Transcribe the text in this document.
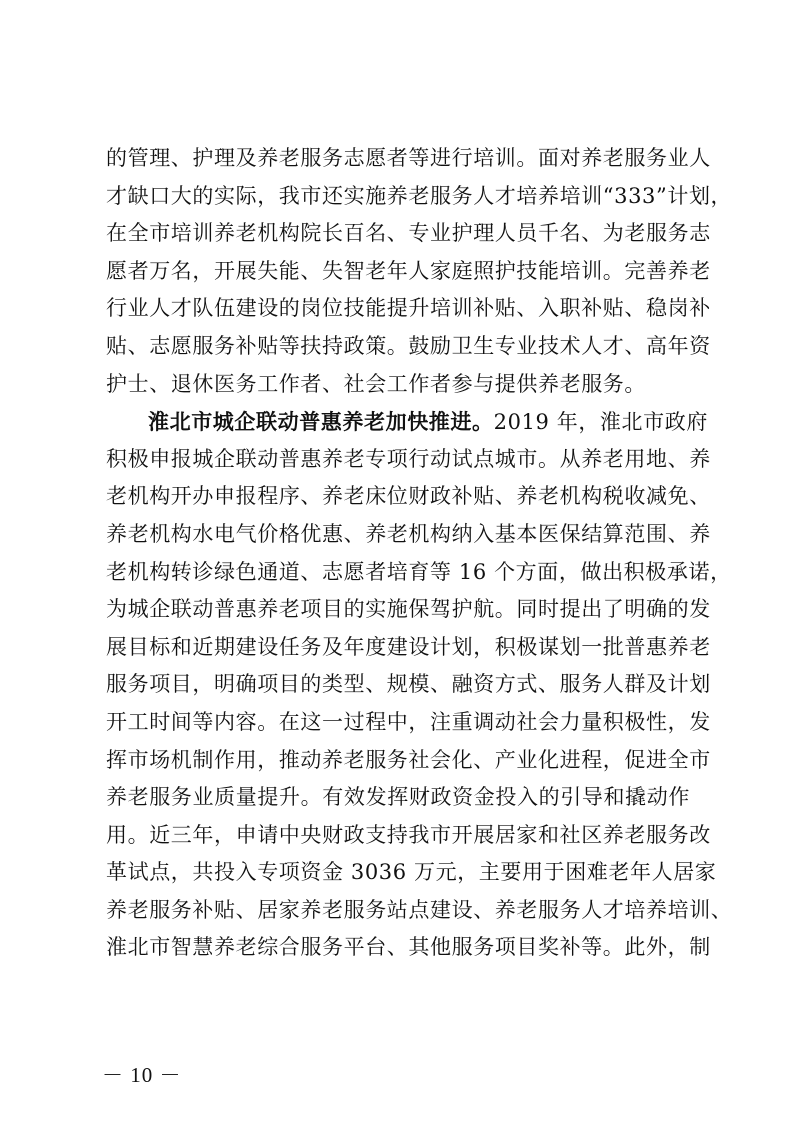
的管理、护理及养老服务志愿者等进行培训。面对养老服务业人
才缺口大的实际，我市还实施养老服务人才培养培训“333”计划，
在全市培训养老机构院长百名、专业护理人员千名、为老服务志
愿者万名，开展失能、失智老年人家庭照护技能培训。完善养老
行业人才队伍建设的岗位技能提升培训补贴、入职补贴、稳岗补
贴、志愿服务补贴等扶持政策。鼓励卫生专业技术人才、高年资
护士、退休医务工作者、社会工作者参与提供养老服务。
淮北市城企联动普惠养老加快推进。2019 年，淮北市政府
积极申报城企联动普惠养老专项行动试点城市。从养老用地、养
老机构开办申报程序、养老床位财政补贴、养老机构税收减免、
养老机构水电气价格优惠、养老机构纳入基本医保结算范围、养
老机构转诊绿色通道、志愿者培育等 16 个方面，做出积极承诺，
为城企联动普惠养老项目的实施保驾护航。同时提出了明确的发
展目标和近期建设任务及年度建设计划，积极谋划一批普惠养老
服务项目，明确项目的类型、规模、融资方式、服务人群及计划
开工时间等内容。在这一过程中，注重调动社会力量积极性，发
挥市场机制作用，推动养老服务社会化、产业化进程，促进全市
养老服务业质量提升。有效发挥财政资金投入的引导和撬动作
用。近三年，申请中央财政支持我市开展居家和社区养老服务改
革试点，共投入专项资金 3036 万元，主要用于困难老年人居家
养老服务补贴、居家养老服务站点建设、养老服务人才培养培训、
淮北市智慧养老综合服务平台、其他服务项目奖补等。此外，制
－ 10 －
